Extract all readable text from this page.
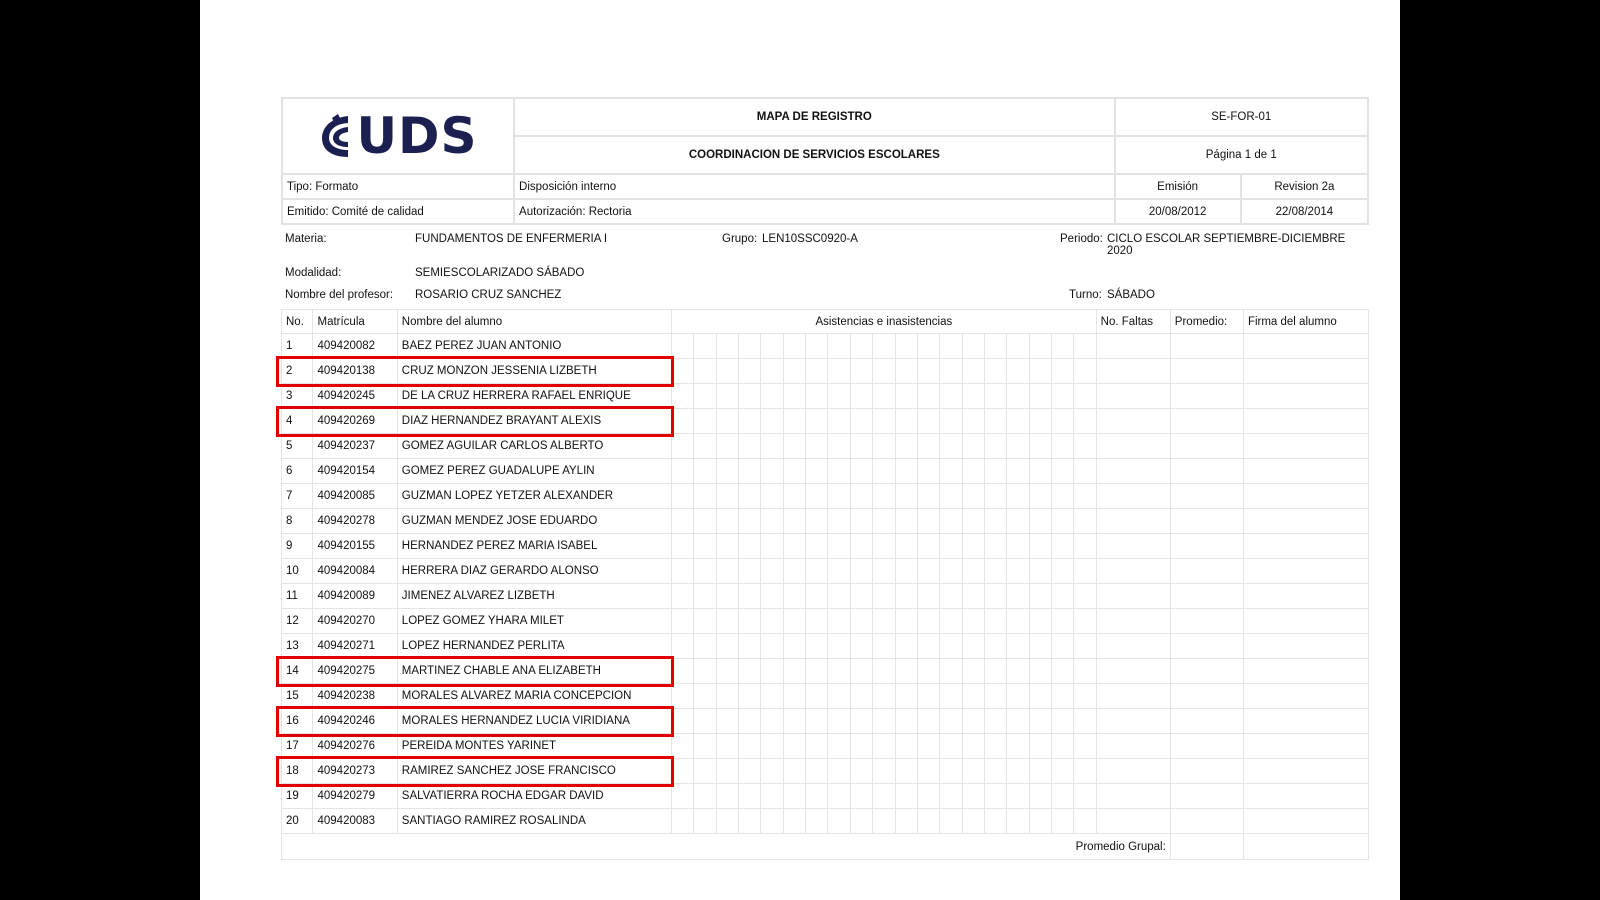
UDS	MAPA DE REGISTRO	SE-FOR-01	
	COORDINACION DE SERVICIOS ESCOLARES	Página 1 de 1	
Tipo: Formato	Disposición interno	Emisión	Revision 2a
Emitido: Comité de calidad	Autorización: Rectoria	20/08/2012	22/08/2014
Materia:	FUNDAMENTOS DE ENFERMERIA I	Grupo: LEN10SSC0920-A	Periodo: CICLO ESCOLAR SEPTIEMBRE-DICIEMBRE
2020
Modalidad:	SEMIESCOLARIZADO SÁBADO
Nombre del profesor: ROSARIO CRUZ SANCHEZ	Turno: SÁBADO
No.	Matrícula	Nombre del alumno	Asistencias e inasistencias																			No. Faltas	Promedio:	Firma del alumno
1	409420082	BAEZ PEREZ JUAN ANTONIO																						
2	409420138	CRUZ MONZON JESSENIA LIZBETH																						
3	409420245	DE LA CRUZ HERRERA RAFAEL ENRIQUE																						
4	409420269	DIAZ HERNANDEZ BRAYANT ALEXIS																						
5	409420237	GOMEZ AGUILAR CARLOS ALBERTO																						
6	409420154	GOMEZ PEREZ GUADALUPE AYLIN																						
7	409420085	GUZMAN LOPEZ YETZER ALEXANDER																						
8	409420278	GUZMAN MENDEZ JOSE EDUARDO																						
9	409420155	HERNANDEZ PEREZ MARIA ISABEL																						
10	409420084	HERRERA DIAZ GERARDO ALONSO																						
11	409420089	JIMENEZ ALVAREZ LIZBETH																						
12	409420270	LOPEZ GOMEZ YHARA MILET																						
13	409420271	LOPEZ HERNANDEZ PERLITA																						
14	409420275	MARTINEZ CHABLE ANA ELIZABETH																						
15	409420238	MORALES ALVAREZ MARIA CONCEPCION																						
16	409420246	MORALES HERNANDEZ LUCIA VIRIDIANA																						
17	409420276	PEREIDA MONTES YARINET																						
18	409420273	RAMIREZ SANCHEZ JOSE FRANCISCO																						
19	409420279	SALVATIERRA ROCHA EDGAR DAVID																						
20	409420083	SANTIAGO RAMIREZ ROSALINDA																						
Promedio Grupal:																								
